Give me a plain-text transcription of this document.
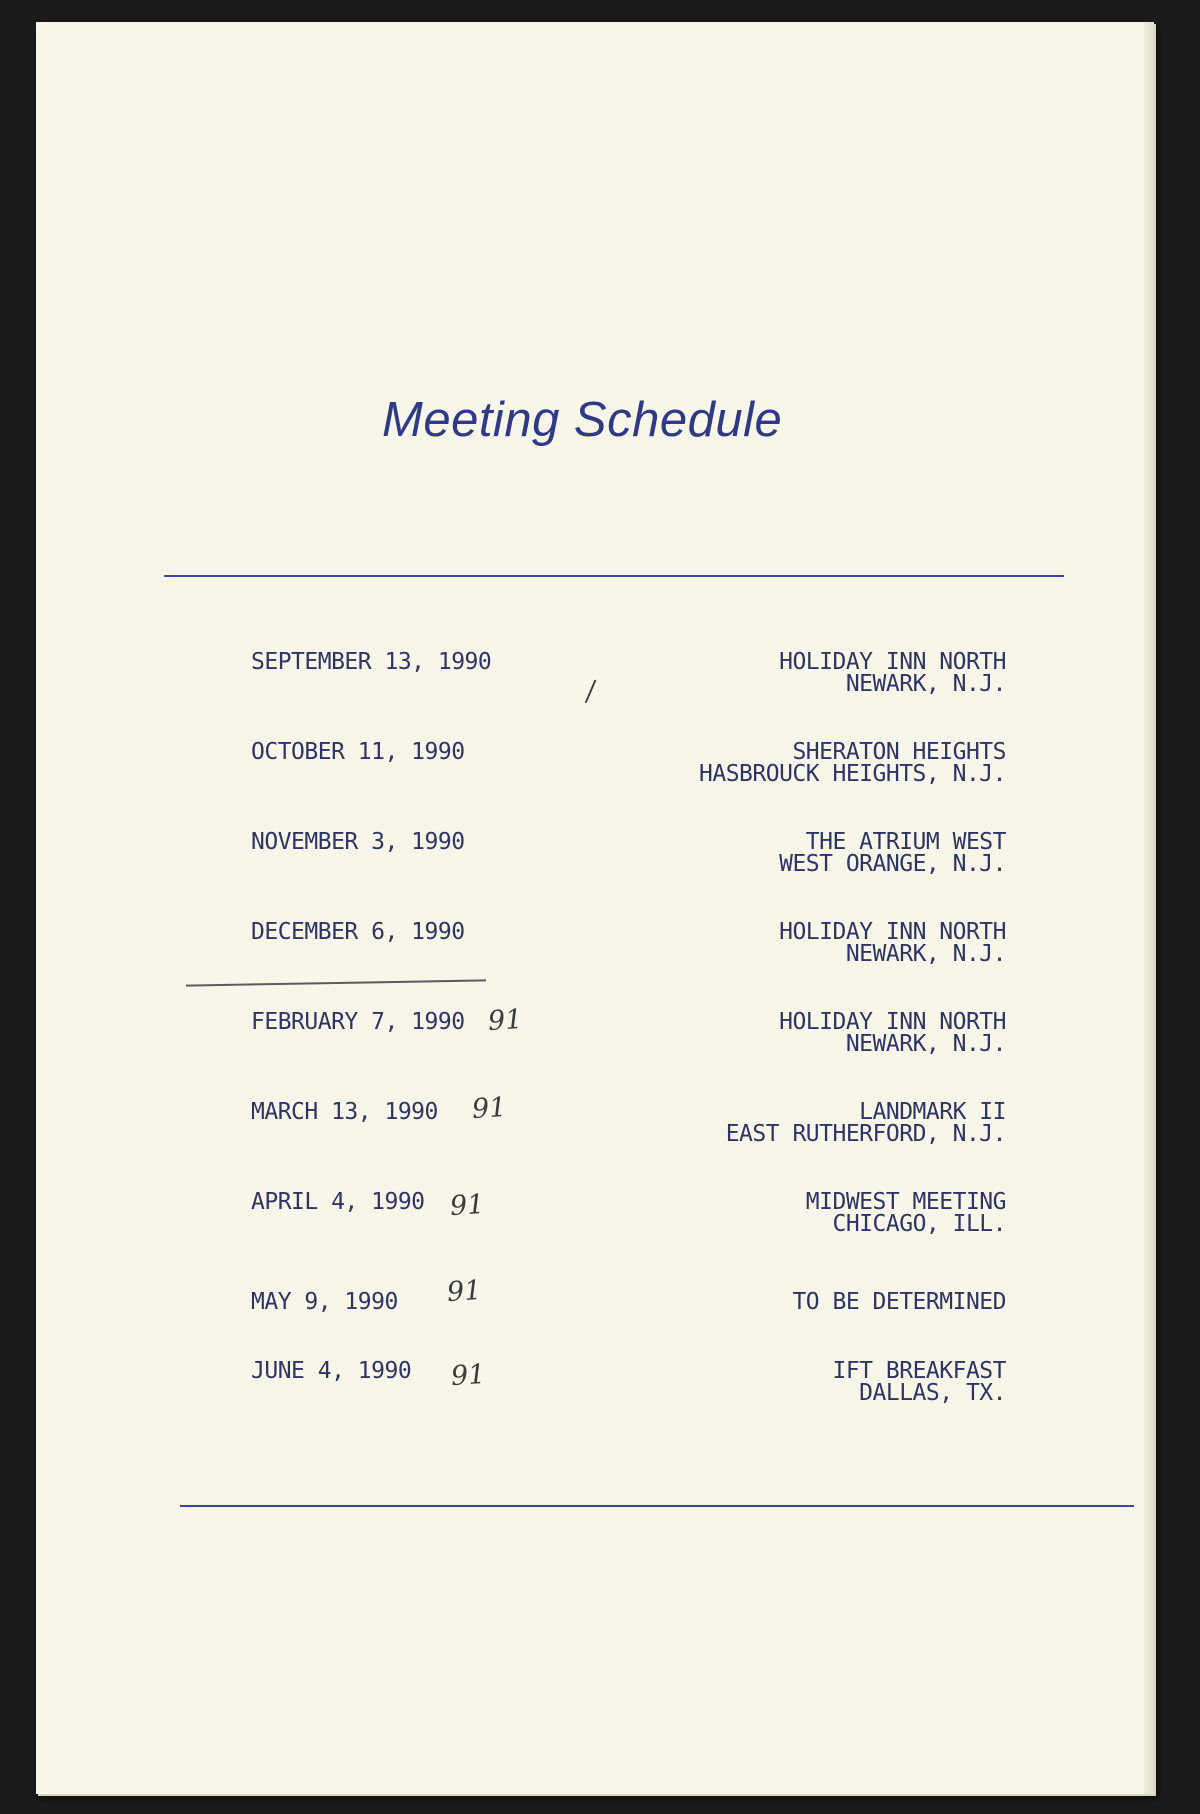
Meeting Schedule
SEPTEMBER 13, 1990	HOLIDAY INN NORTH
NEWARK, N.J.
/
OCTOBER 11, 1990	SHERATON HEIGHTS
HASBROUCK HEIGHTS, N.J.
NOVEMBER 3, 1990	THE ATRIUM WEST
WEST ORANGE, N.J.
DECEMBER 6, 1990	HOLIDAY INN NORTH
NEWARK, N.J.
FEBRUARY 7, 1990	HOLIDAY INN NORTH
NEWARK, N.J.
91
MARCH 13, 1990	LANDMARK II
EAST RUTHERFORD, N.J.
91
APRIL 4, 1990	MIDWEST MEETING
CHICAGO, ILL.
91
MAY 9, 1990	TO BE DETERMINED
91
JUNE 4, 1990	IFT BREAKFAST
DALLAS, TX.
91
